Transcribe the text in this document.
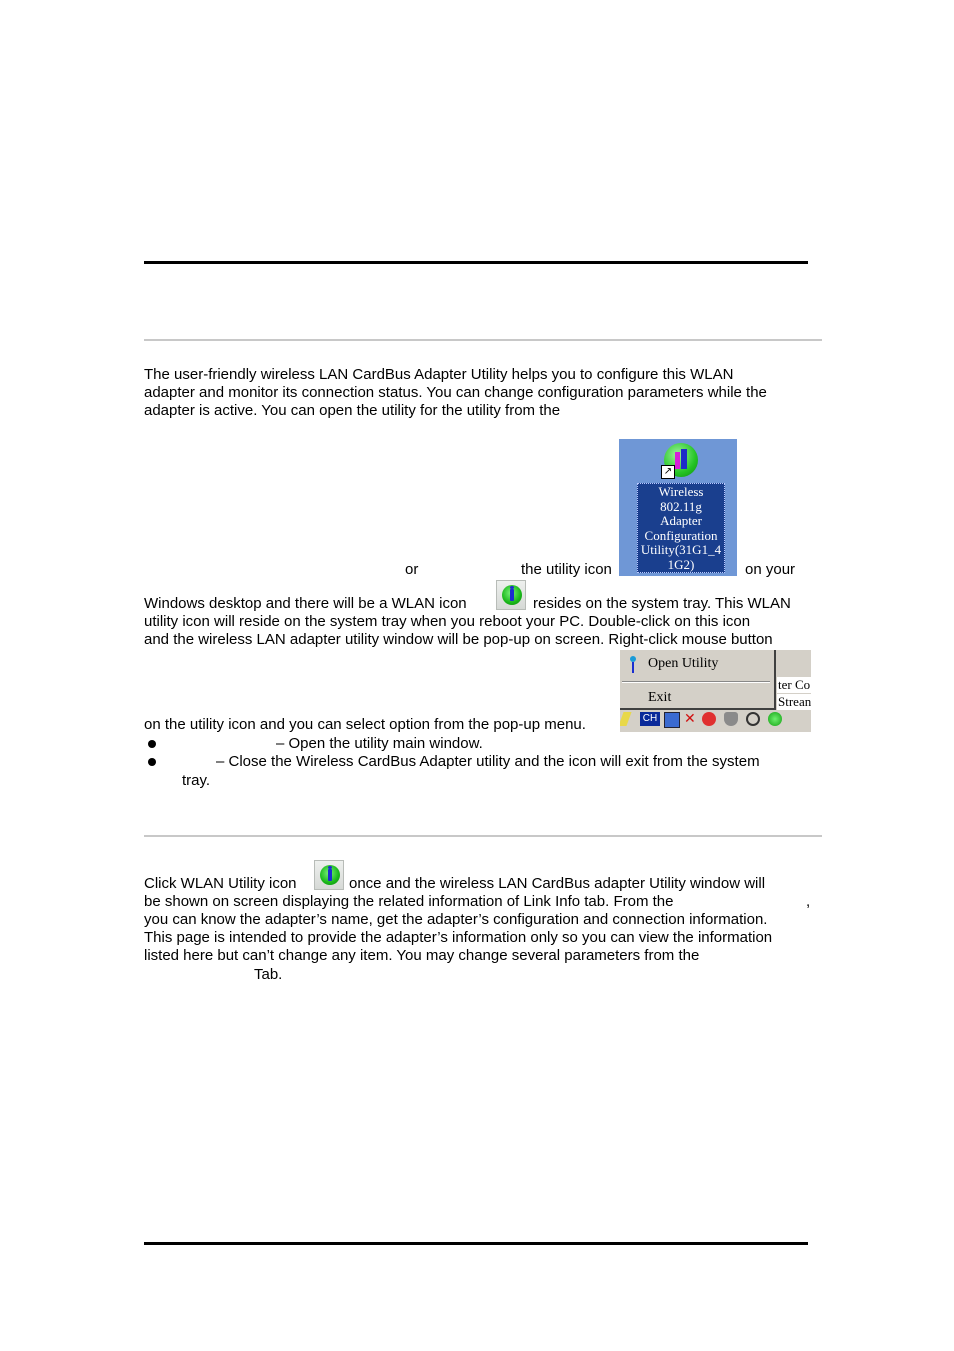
The user-friendly wireless LAN CardBus Adapter Utility helps you to configure this WLAN
adapter and monitor its connection status. You can change configuration parameters while the
adapter is active. You can open the utility for the utility from the
↗
Wireless
802.11g
Adapter
Configuration
Utility(31G1_4
1G2)
or	the utility icon	on your
Windows desktop and there will be a WLAN icon	resides on the system tray. This WLAN
utility icon will reside on the system tray when you reboot your PC. Double-click on this icon
and the wireless LAN adapter utility window will be pop-up on screen. Right-click mouse button
ter Co
Strean
Open Utility
Exit
CH ✕
on the utility icon and you can select option from the pop-up menu.
– Open the utility main window.
– Close the Wireless CardBus Adapter utility and the icon will exit from the system
tray.
Click WLAN Utility icon	once and the wireless LAN CardBus adapter Utility window will
be shown on screen displaying the related information of Link Info tab. From the	,
you can know the adapter’s name, get the adapter’s configuration and connection information.
This page is intended to provide the adapter’s information only so you can view the information
listed here but can’t change any item. You may change several parameters from the
Tab.
